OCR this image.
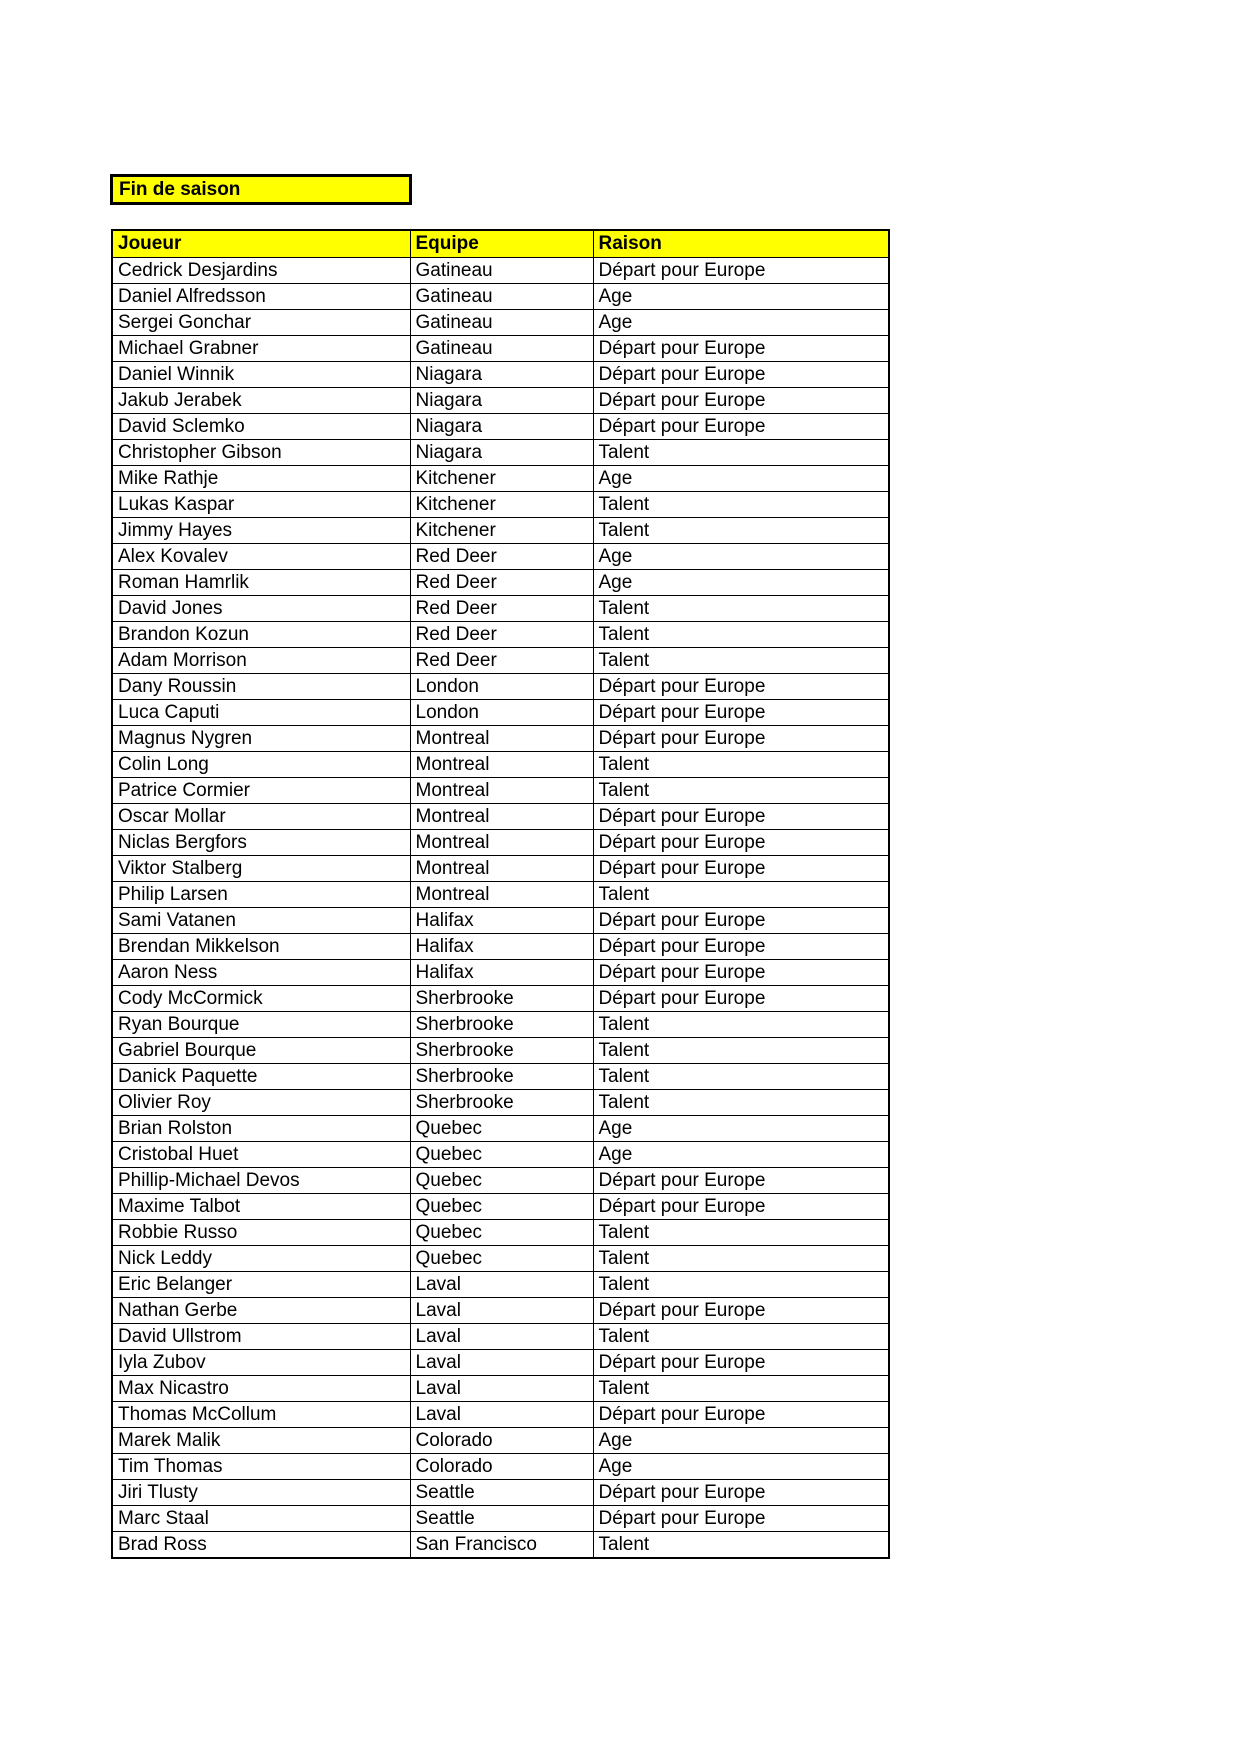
Fin de saison
Joueur	Equipe	Raison
Cedrick Desjardins	Gatineau	Départ pour Europe
Daniel Alfredsson	Gatineau	Age
Sergei Gonchar	Gatineau	Age
Michael Grabner	Gatineau	Départ pour Europe
Daniel Winnik	Niagara	Départ pour Europe
Jakub Jerabek	Niagara	Départ pour Europe
David Sclemko	Niagara	Départ pour Europe
Christopher Gibson	Niagara	Talent
Mike Rathje	Kitchener	Age
Lukas Kaspar	Kitchener	Talent
Jimmy Hayes	Kitchener	Talent
Alex Kovalev	Red Deer	Age
Roman Hamrlik	Red Deer	Age
David Jones	Red Deer	Talent
Brandon Kozun	Red Deer	Talent
Adam Morrison	Red Deer	Talent
Dany Roussin	London	Départ pour Europe
Luca Caputi	London	Départ pour Europe
Magnus Nygren	Montreal	Départ pour Europe
Colin Long	Montreal	Talent
Patrice Cormier	Montreal	Talent
Oscar Mollar	Montreal	Départ pour Europe
Niclas Bergfors	Montreal	Départ pour Europe
Viktor Stalberg	Montreal	Départ pour Europe
Philip Larsen	Montreal	Talent
Sami Vatanen	Halifax	Départ pour Europe
Brendan Mikkelson	Halifax	Départ pour Europe
Aaron Ness	Halifax	Départ pour Europe
Cody McCormick	Sherbrooke	Départ pour Europe
Ryan Bourque	Sherbrooke	Talent
Gabriel Bourque	Sherbrooke	Talent
Danick Paquette	Sherbrooke	Talent
Olivier Roy	Sherbrooke	Talent
Brian Rolston	Quebec	Age
Cristobal Huet	Quebec	Age
Phillip-Michael Devos	Quebec	Départ pour Europe
Maxime Talbot	Quebec	Départ pour Europe
Robbie Russo	Quebec	Talent
Nick Leddy	Quebec	Talent
Eric Belanger	Laval	Talent
Nathan Gerbe	Laval	Départ pour Europe
David Ullstrom	Laval	Talent
Iyla Zubov	Laval	Départ pour Europe
Max Nicastro	Laval	Talent
Thomas McCollum	Laval	Départ pour Europe
Marek Malik	Colorado	Age
Tim Thomas	Colorado	Age
Jiri Tlusty	Seattle	Départ pour Europe
Marc Staal	Seattle	Départ pour Europe
Brad Ross	San Francisco	Talent
